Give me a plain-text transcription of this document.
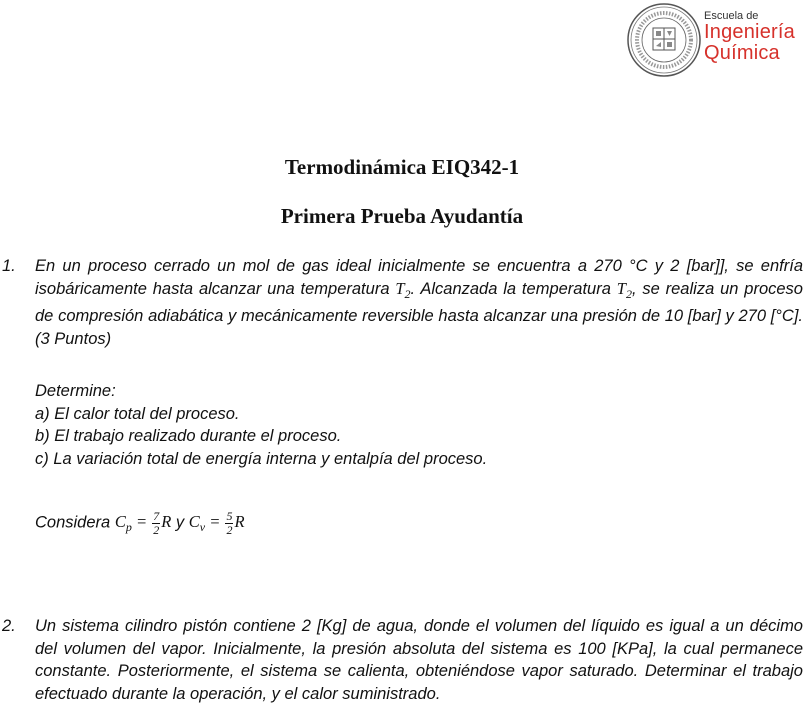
Escuela de
Ingeniería
Química
Termodinámica EIQ342-1
Primera Prueba Ayudantía
1. En un proceso cerrado un mol de gas ideal inicialmente se encuentra a 270 °C y 2 [bar]], se enfría isobáricamente hasta alcanzar una temperatura $T_2$. Alcanzada la temperatura $T_2$, se realiza un proceso de compresión adiabática y mecánicamente reversible hasta alcanzar una presión de 10 [bar] y 270 [°C]. (3 Puntos)
Determine:
a) El calor total del proceso.
b) El trabajo realizado durante el proceso.
c) La variación total de energía interna y entalpía del proceso.
Considera $C_p = \frac{7}{2}$ R y $C_v = \frac{5}{2}$ R
2. Un sistema cilindro pistón contiene 2 [Kg] de agua, donde el volumen del líquido es igual a un décimo del volumen del vapor. Inicialmente, la presión absoluta del sistema es 100 [KPa], la cual permanece constante. Posteriormente, el sistema se calienta, obteniéndose vapor saturado. Determinar el trabajo efectuado durante la operación, y el calor suministrado.
